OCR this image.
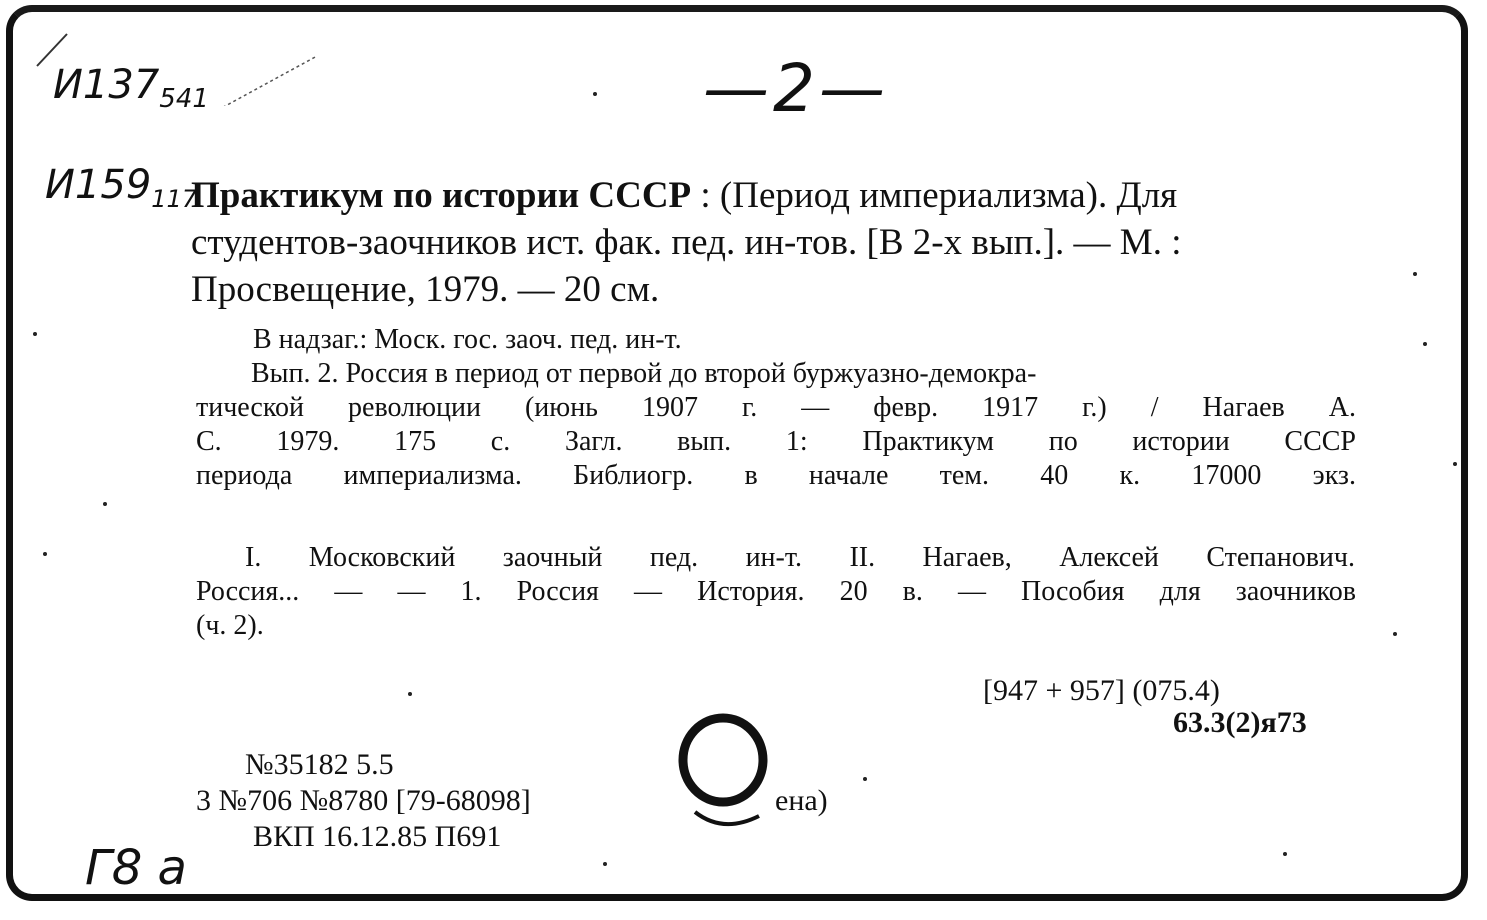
—2—
$И137_{541}$
$И159_{117}$
Практикум по истории СССР : (Период империализма). Для студентов-заочников ист. фак. пед. ин-тов. [В 2-х вып.]. — М. : Просвещение, 1979. — 20 см.
В надзаг.: Моск. гос. заоч. пед. ин-т.
Вып. 2. Россия в период от первой до второй буржуазно-демокра-
тической революции (июнь 1907 г. — февр. 1917 г.) / Нагаев А.
С. 1979. 175 с. Загл. вып. 1: Практикум по истории СССР
периода империализма. Библиогр. в начале тем. 40 к. 17000 экз.
I. Московский заочный пед. ин-т. II. Нагаев, Алексей Степанович.
Россия... — — 1. Россия — История. 20 в. — Пособия для заочников
(ч. 2).
[947 + 957] (075.4)
63.3(2)я73
№35182 5.5
3 №706 №8780 [79-68098]
ВКП 16.12.85 П691
ена)
Г8 а
